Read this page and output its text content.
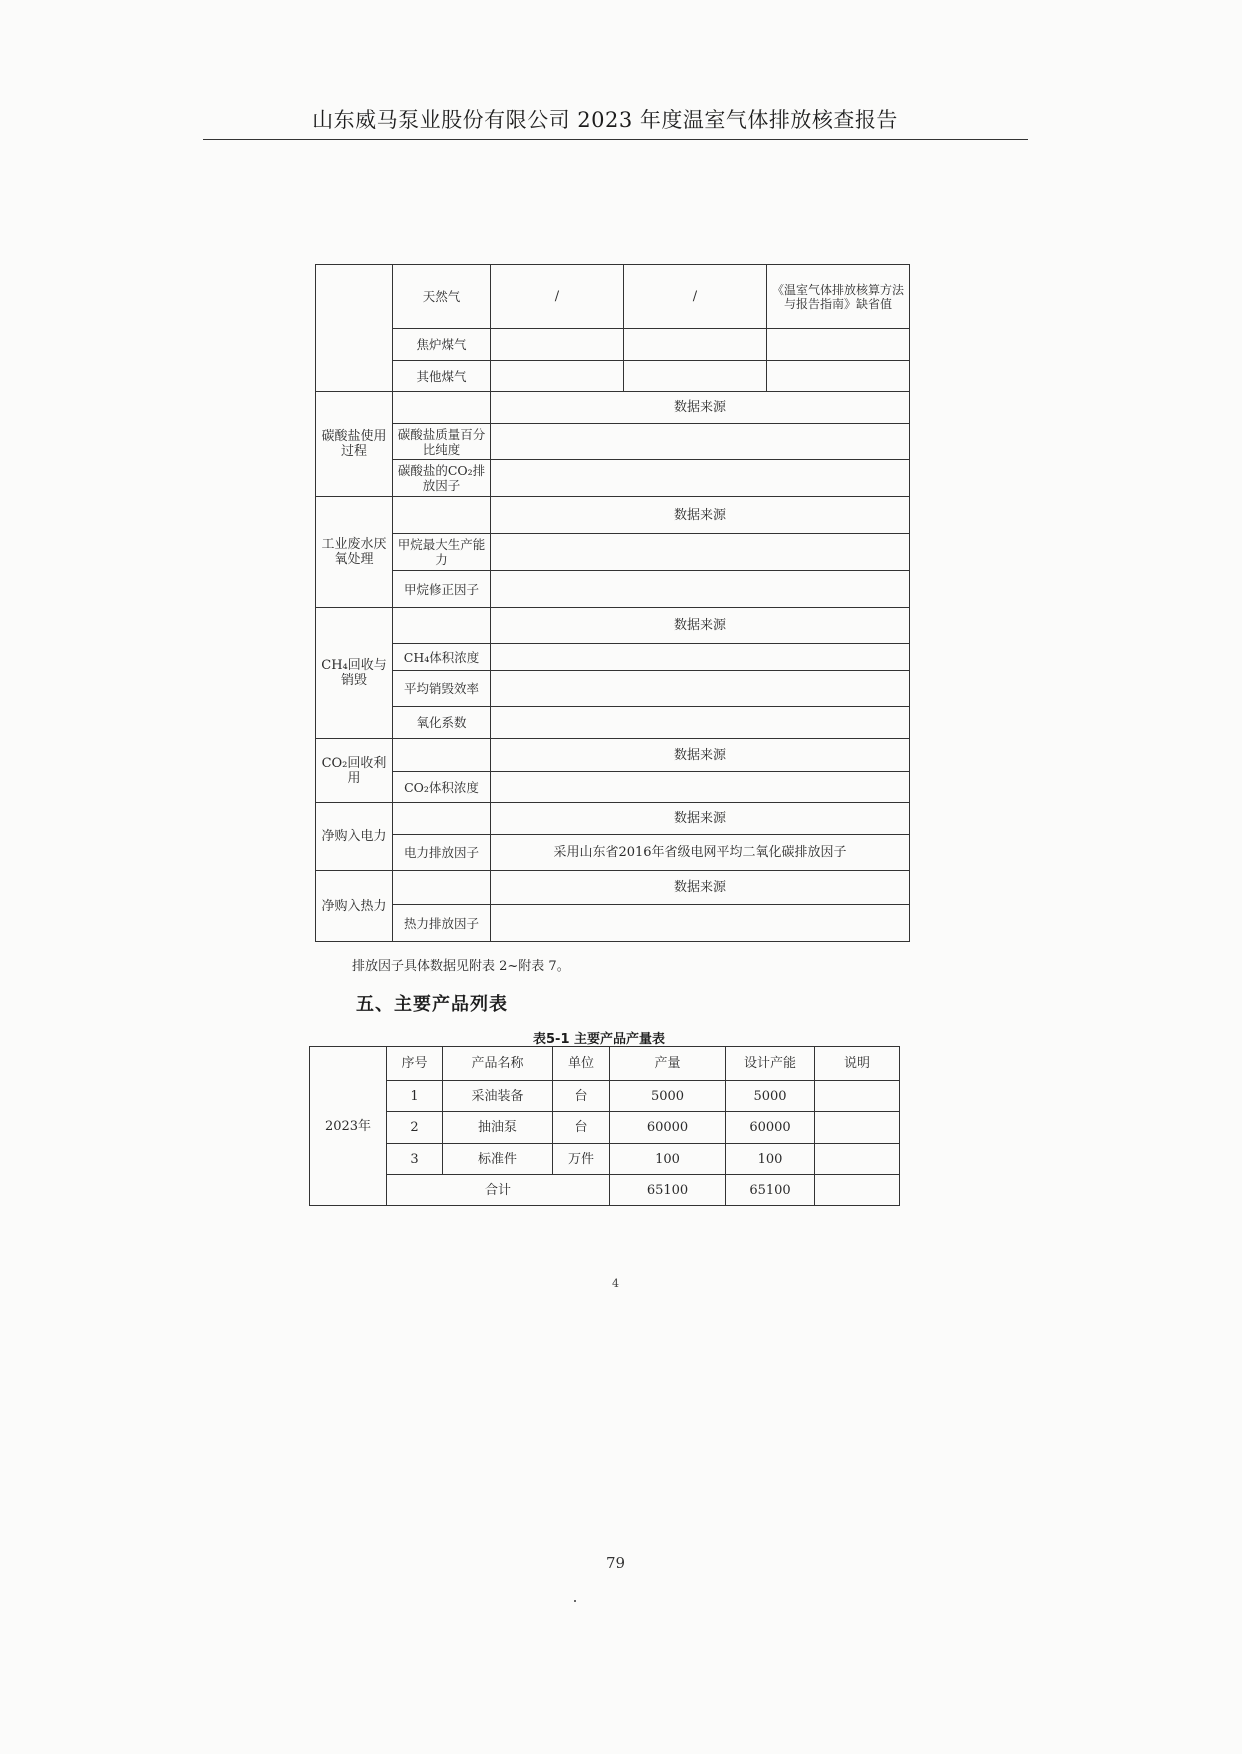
山东威马泵业股份有限公司 2023 年度温室气体排放核查报告
	天然气	/	/	《温室气体排放核算方法与报告指南》缺省值
	焦炉煤气			
	其他煤气			
碳酸盐使用过程		数据来源		
	碳酸盐质量百分比纯度			
	碳酸盐的CO₂排放因子			
工业废水厌氧处理		数据来源		
	甲烷最大生产能力			
	甲烷修正因子			
CH₄回收与销毁		数据来源		
	CH₄体积浓度			
	平均销毁效率			
	氧化系数			
CO₂回收利用		数据来源		
	CO₂体积浓度			
净购入电力		数据来源		
	电力排放因子	采用山东省2016年省级电网平均二氧化碳排放因子		
净购入热力		数据来源		
	热力排放因子			
排放因子具体数据见附表 2~附表 7。
五、主要产品列表
表5-1 主要产品产量表
2023年	序号	产品名称	单位	产量	设计产能	说明
	1	采油装备	台	5000	5000	
	2	抽油泵	台	60000	60000	
	3	标准件	万件	100	100	
	合计			65100	65100	
4
79
